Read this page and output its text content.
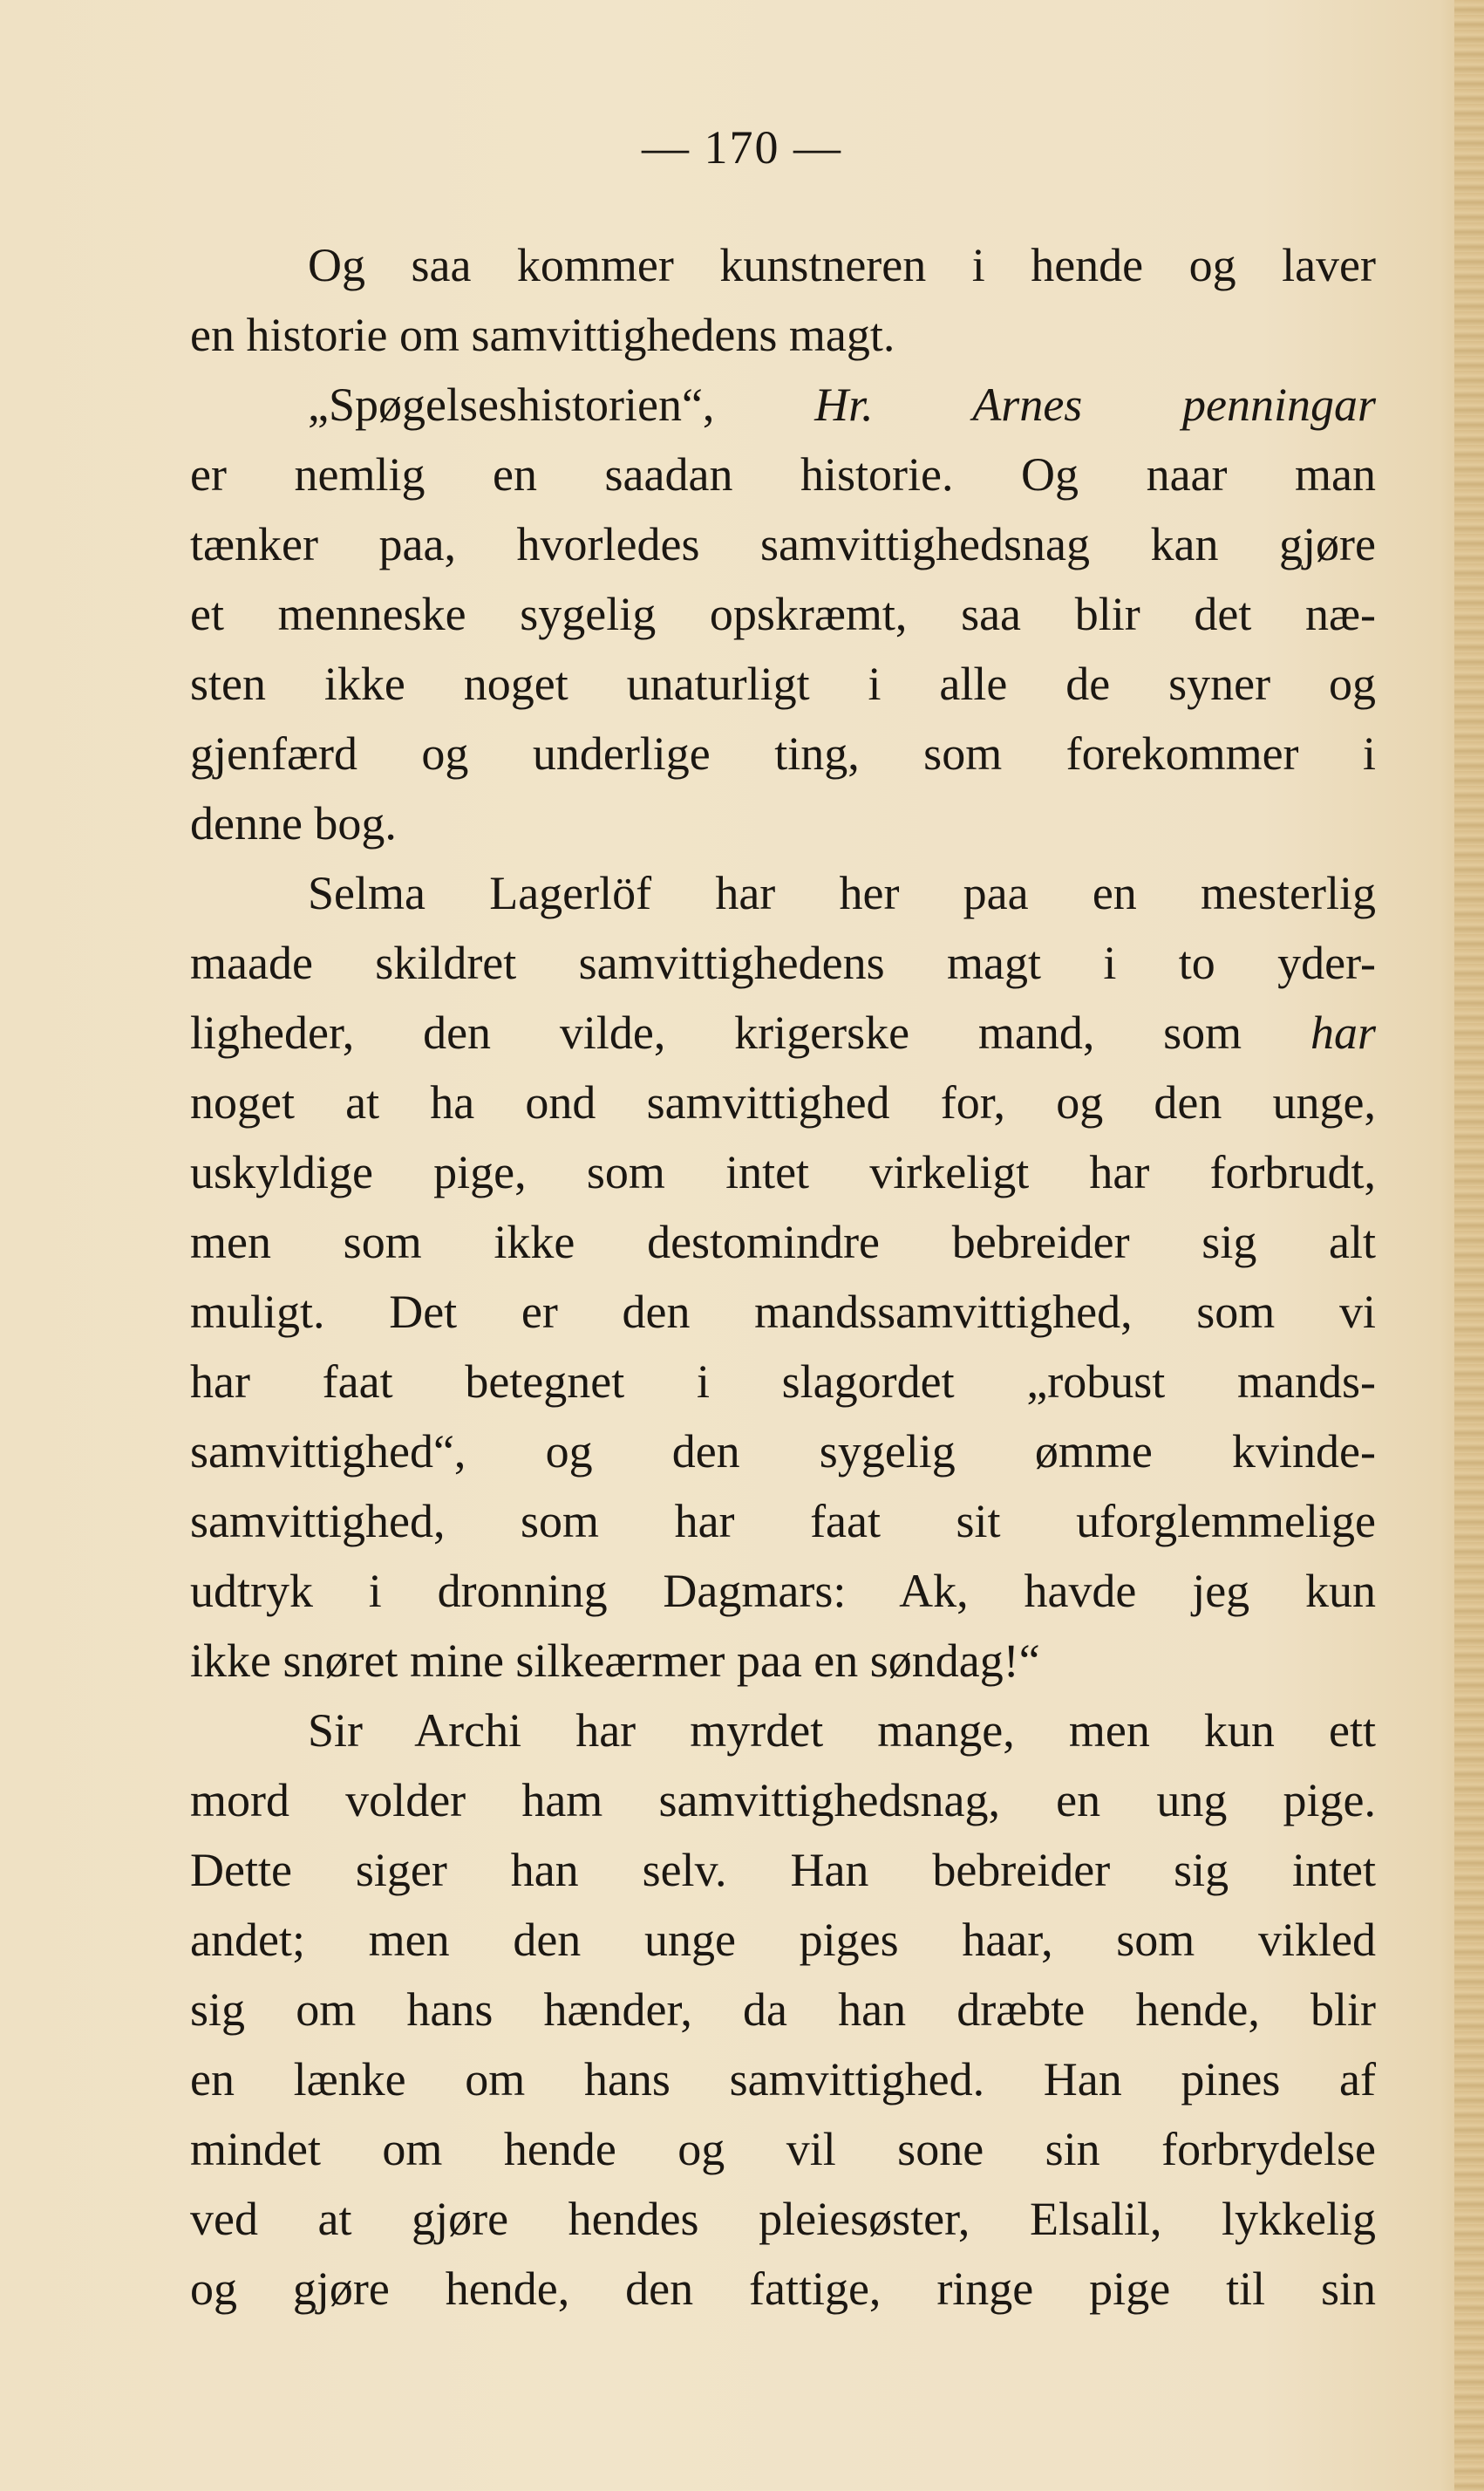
— 170 —
Og saa kommer kunstneren i hende og laver
en historie om samvittighedens magt.
„Spøgelseshistorien“, Hr. Arnes penningar
er nemlig en saadan historie. Og naar man
tænker paa, hvorledes samvittighedsnag kan gjøre
et menneske sygelig opskræmt, saa blir det næ-
sten ikke noget unaturligt i alle de syner og
gjenfærd og underlige ting, som forekommer i
denne bog.
Selma Lagerlöf har her paa en mesterlig
maade skildret samvittighedens magt i to yder-
ligheder, den vilde, krigerske mand, som har
noget at ha ond samvittighed for, og den unge,
uskyldige pige, som intet virkeligt har forbrudt,
men som ikke destomindre bebreider sig alt
muligt. Det er den mandssamvittighed, som vi
har faat betegnet i slagordet „robust mands-
samvittighed“, og den sygelig ømme kvinde-
samvittighed, som har faat sit uforglemmelige
udtryk i dronning Dagmars: Ak, havde jeg kun
ikke snøret mine silkeærmer paa en søndag!“
Sir Archi har myrdet mange, men kun ett
mord volder ham samvittighedsnag, en ung pige.
Dette siger han selv. Han bebreider sig intet
andet; men den unge piges haar, som vikled
sig om hans hænder, da han dræbte hende, blir
en lænke om hans samvittighed. Han pines af
mindet om hende og vil sone sin forbrydelse
ved at gjøre hendes pleiesøster, Elsalil, lykkelig
og gjøre hende, den fattige, ringe pige til sin
